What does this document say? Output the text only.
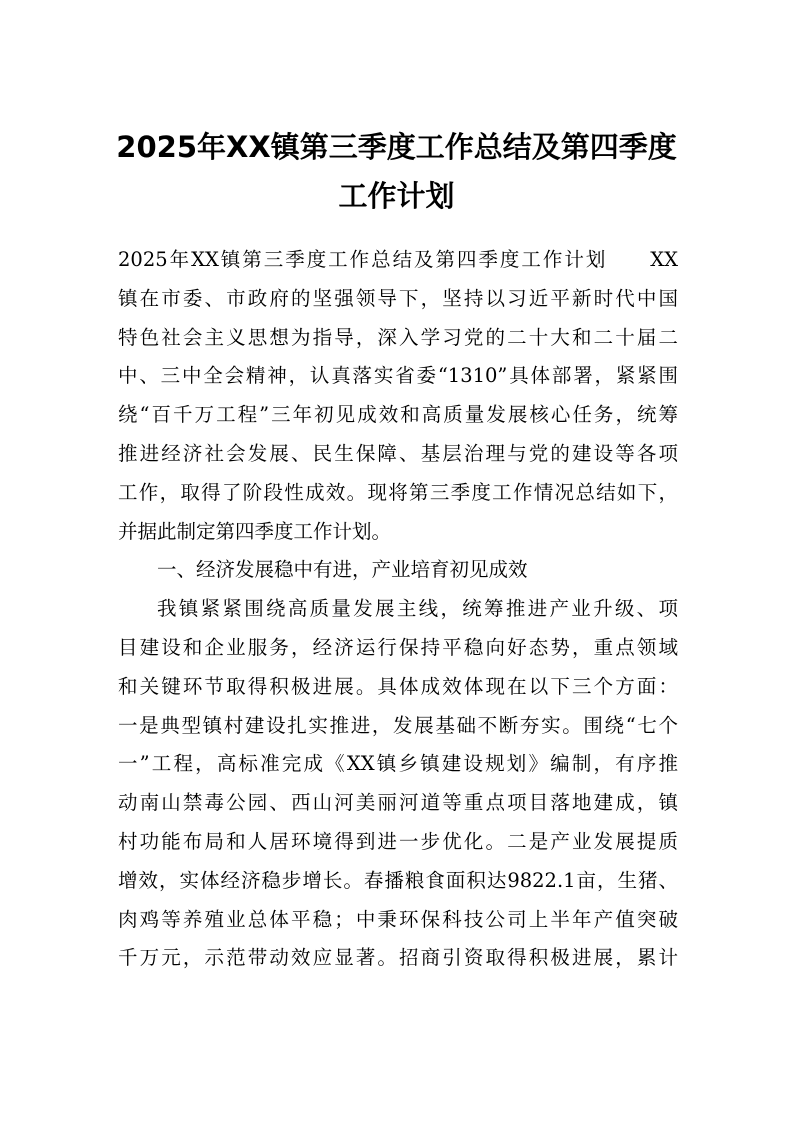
2025年XX镇第三季度工作总结及第四季度
工作计划
2025年XX镇第三季度工作总结及第四季度工作计划　　XX
镇在市委、市政府的坚强领导下，坚持以习近平新时代中国
特色社会主义思想为指导，深入学习党的二十大和二十届二
中、三中全会精神，认真落实省委“1310”具体部署，紧紧围
绕“百千万工程”三年初见成效和高质量发展核心任务，统筹
推进经济社会发展、民生保障、基层治理与党的建设等各项
工作，取得了阶段性成效。现将第三季度工作情况总结如下，
并据此制定第四季度工作计划。
一、经济发展稳中有进，产业培育初见成效
我镇紧紧围绕高质量发展主线，统筹推进产业升级、项
目建设和企业服务，经济运行保持平稳向好态势，重点领域
和关键环节取得积极进展。具体成效体现在以下三个方面：
一是典型镇村建设扎实推进，发展基础不断夯实。围绕“七个
一”工程，高标准完成《XX镇乡镇建设规划》编制，有序推
动南山禁毒公园、西山河美丽河道等重点项目落地建成，镇
村功能布局和人居环境得到进一步优化。二是产业发展提质
增效，实体经济稳步增长。春播粮食面积达9822.1亩，生猪、
肉鸡等养殖业总体平稳；中秉环保科技公司上半年产值突破
千万元，示范带动效应显著。招商引资取得积极进展，累计
